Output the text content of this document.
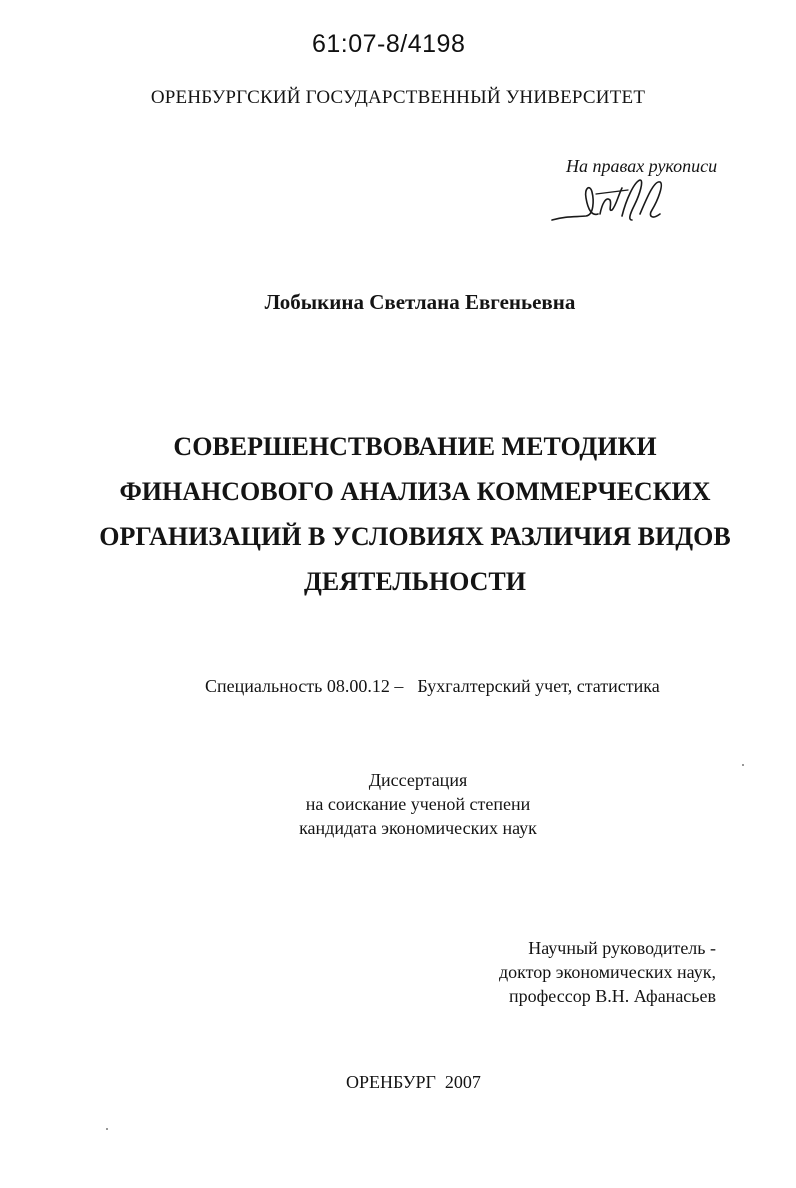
61:07-8/4198
ОРЕНБУРГСКИЙ ГОСУДАРСТВЕННЫЙ УНИВЕРСИТЕТ
На правах рукописи
Лобыкина Светлана Евгеньевна
СОВЕРШЕНСТВОВАНИЕ МЕТОДИКИ
ФИНАНСОВОГО АНАЛИЗА КОММЕРЧЕСКИХ
ОРГАНИЗАЦИЙ В УСЛОВИЯХ РАЗЛИЧИЯ ВИДОВ
ДЕЯТЕЛЬНОСТИ
Специальность 08.00.12 – Бухгалтерский учет, статистика
Диссертация
на соискание ученой степени
кандидата экономических наук
Научный руководитель -
доктор экономических наук,
профессор В.Н. Афанасьев
ОРЕНБУРГ  2007
